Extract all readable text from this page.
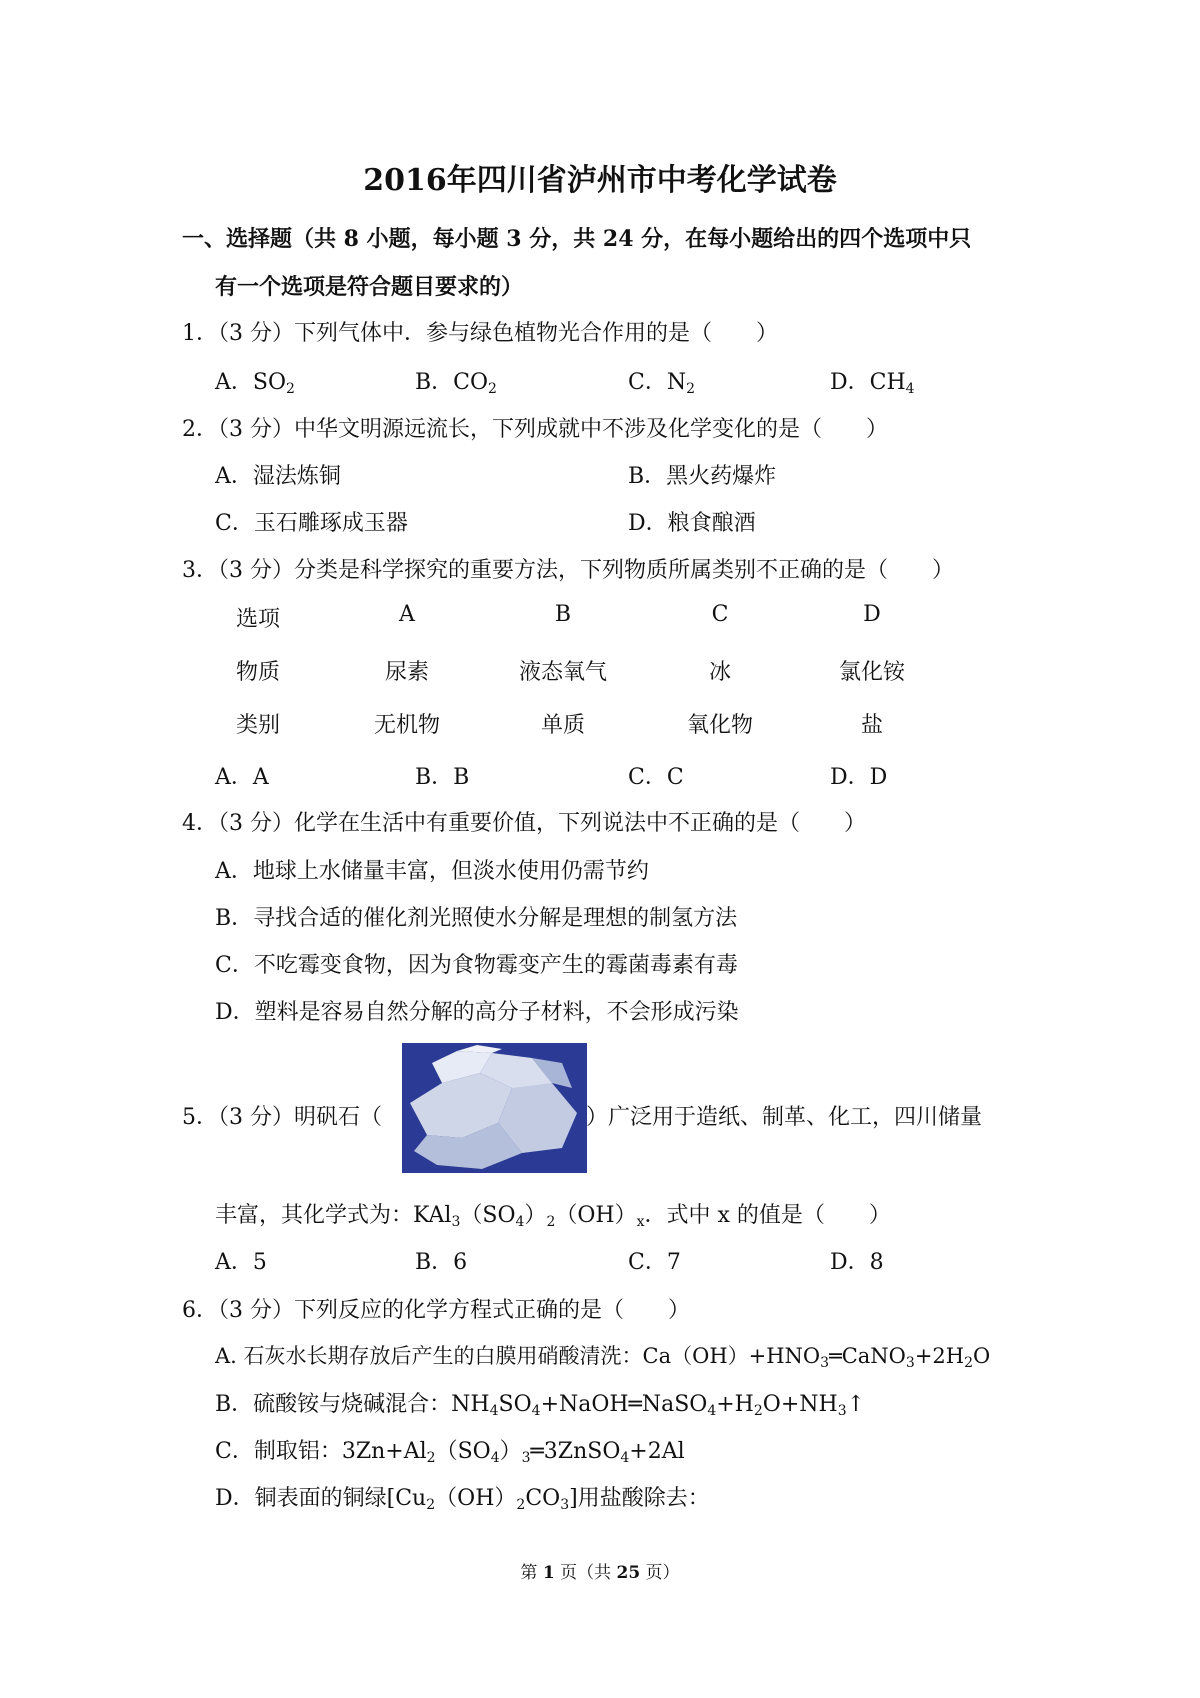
2016年四川省泸州市中考化学试卷
一、选择题（共 8 小题，每小题 3 分，共 24 分，在每小题给出的四个选项中只
有一个选项是符合题目要求的）
1．（3 分）下列气体中．参与绿色植物光合作用的是（　　）
A．$SO_2$	B．$CO_2$	C．$N_2$	D．$CH_4$
2．（3 分）中华文明源远流长，下列成就中不涉及化学变化的是（　　）
A．湿法炼铜	B．黑火药爆炸
C．玉石雕琢成玉器	D．粮食酿酒
3．（3 分）分类是科学探究的重要方法，下列物质所属类别不正确的是（　　）
选项	A	B	C	D
物质	尿素	液态氧气	冰	氯化铵
类别	无机物	单质	氧化物	盐
A．A	B．B	C．C	D．D
4．（3 分）化学在生活中有重要价值，下列说法中不正确的是（　　）
A．地球上水储量丰富，但淡水使用仍需节约
B．寻找合适的催化剂光照使水分解是理想的制氢方法
C．不吃霉变食物，因为食物霉变产生的霉菌毒素有毒
D．塑料是容易自然分解的高分子材料，不会形成污染
5．（3 分）明矾石（	）广泛用于造纸、制革、化工，四川储量
丰富，其化学式为：$KAl_3(SO_4)_2(OH)_x$．式中 x 的值是（　　）
A．5	B．6	C．7	D．8
6．（3 分）下列反应的化学方程式正确的是（　　）
A. 石灰水长期存放后产生的白膜用硝酸清洗：$Ca(OH)+HNO_3═CaNO_3+2H_2O$
B．硫酸铵与烧碱混合：$NH_4SO_4+NaOH═NaSO_4+H_2O+NH_3↑$
C．制取铝：$3Zn+Al_2(SO_4)_3═3ZnSO_4+2Al$
D．铜表面的铜绿$[Cu_2(OH)_2CO_3]$用盐酸除去：
第 1 页（共 25 页）
